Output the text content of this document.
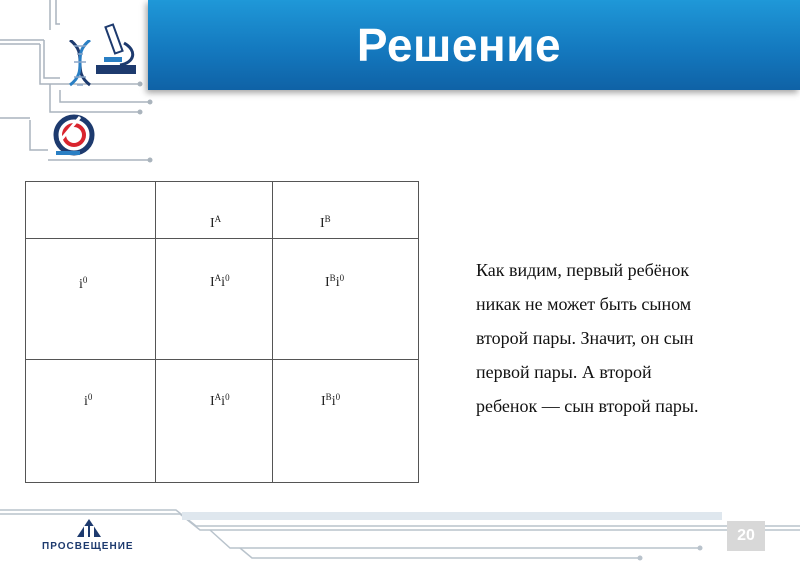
Решение

	$I^A$	$I^B$

$i^0$	$I^Ai^0$	$I^Bi^0$

$i^0$	$I^Ai^0$	$I^Bi^0$
Как видим, первый ребёнок
никак не может быть сыном
второй пары. Значит, он сын
первой пары. А второй
ребенок — сын второй пары.
ПРОСВЕЩЕНИЕ
20
